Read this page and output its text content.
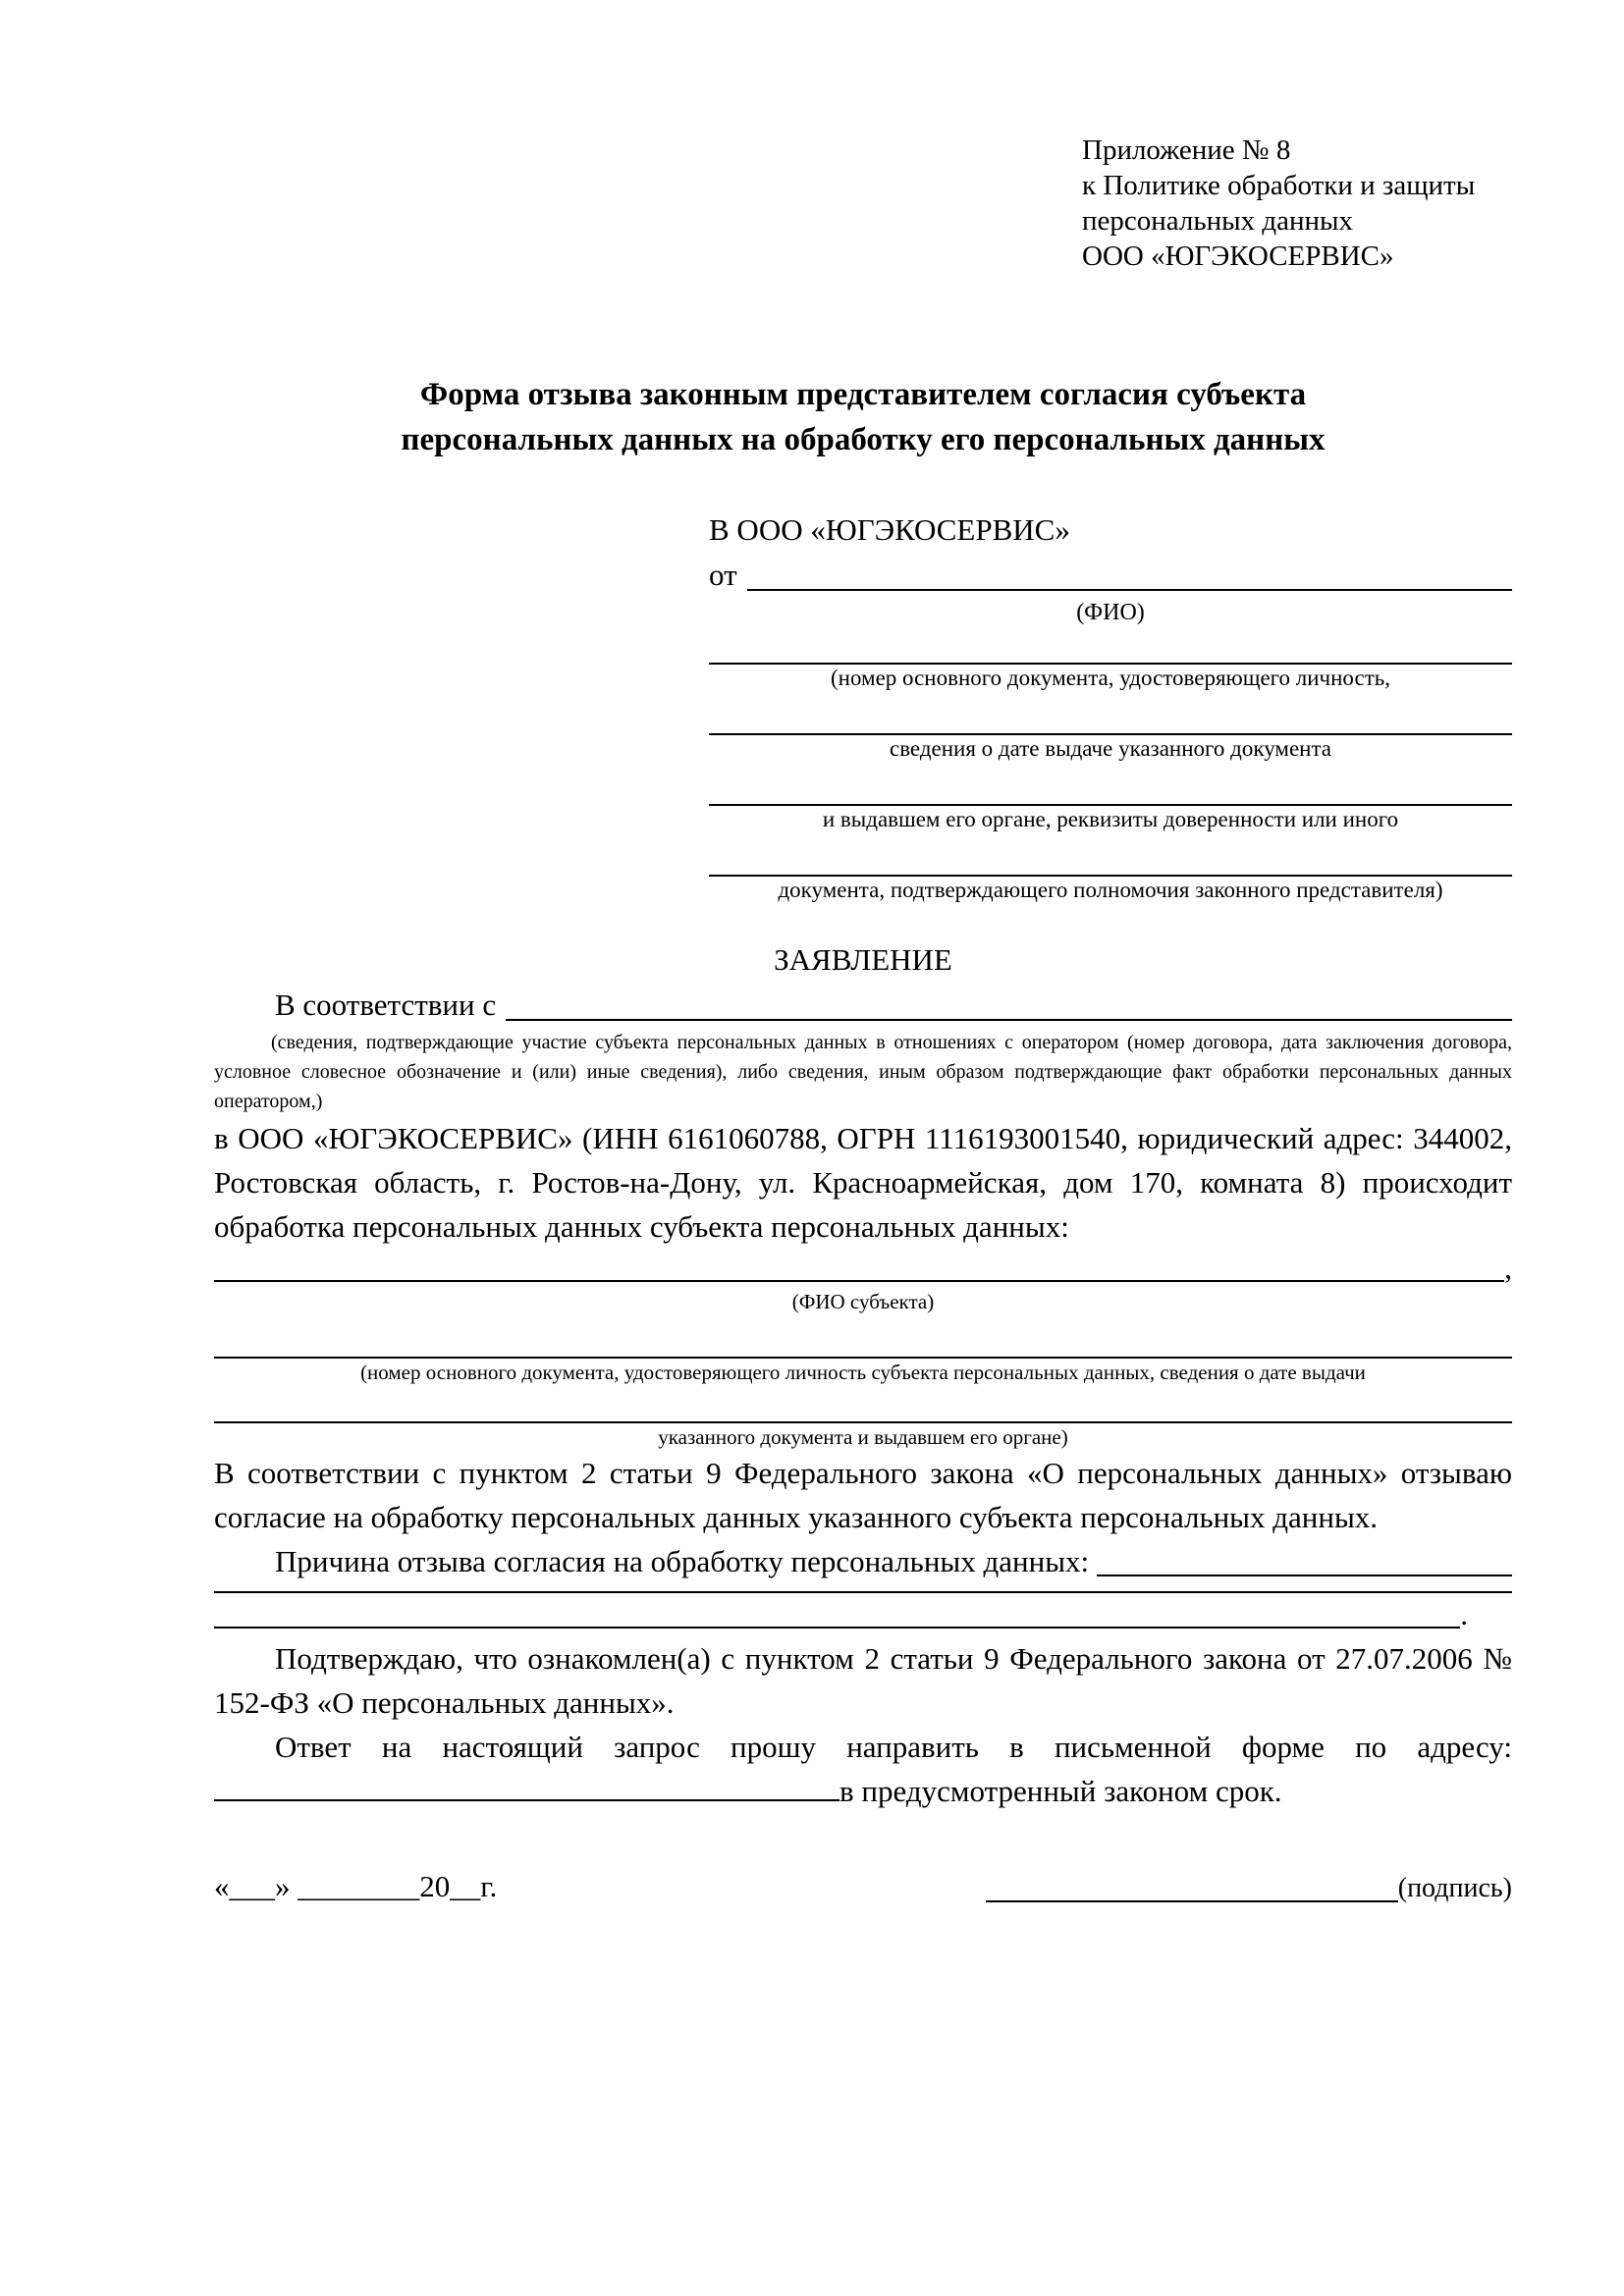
Приложение № 8
к Политике обработки и защиты
персональных данных
ООО «ЮГЭКОСЕРВИС»
Форма отзыва законным представителем согласия субъекта
персональных данных на обработку его персональных данных
В ООО «ЮГЭКОСЕРВИС»
от
(ФИО)
(номер основного документа, удостоверяющего личность,
сведения о дате выдаче указанного документа
и выдавшем его органе, реквизиты доверенности или иного
документа, подтверждающего полномочия законного представителя)
ЗАЯВЛЕНИЕ
В соответствии с
(сведения, подтверждающие участие субъекта персональных данных в отношениях с оператором (номер договора, дата заключения договора, условное словесное обозначение и (или) иные сведения), либо сведения, иным образом подтверждающие факт обработки персональных данных оператором,)
в ООО «ЮГЭКОСЕРВИС» (ИНН 6161060788, ОГРН 1116193001540, юридический адрес: 344002, Ростовская область, г. Ростов-на-Дону, ул. Красноармейская, дом 170, комната 8) происходит обработка персональных данных субъекта персональных данных:
,
(ФИО субъекта)
(номер основного документа, удостоверяющего личность субъекта персональных данных, сведения о дате выдачи
указанного документа и выдавшем его органе)
В соответствии с пунктом 2 статьи 9 Федерального закона «О персональных данных» отзываю согласие на обработку персональных данных указанного субъекта персональных данных.
Причина отзыва согласия на обработку персональных данных:
.
Подтверждаю, что ознакомлен(а) с пунктом 2 статьи 9 Федерального закона от 27.07.2006 № 152-ФЗ «О персональных данных».
Ответ на настоящий запрос прошу направить в письменной форме по адресу: в предусмотренный законом срок.
«___» ________20__г.	(подпись)
